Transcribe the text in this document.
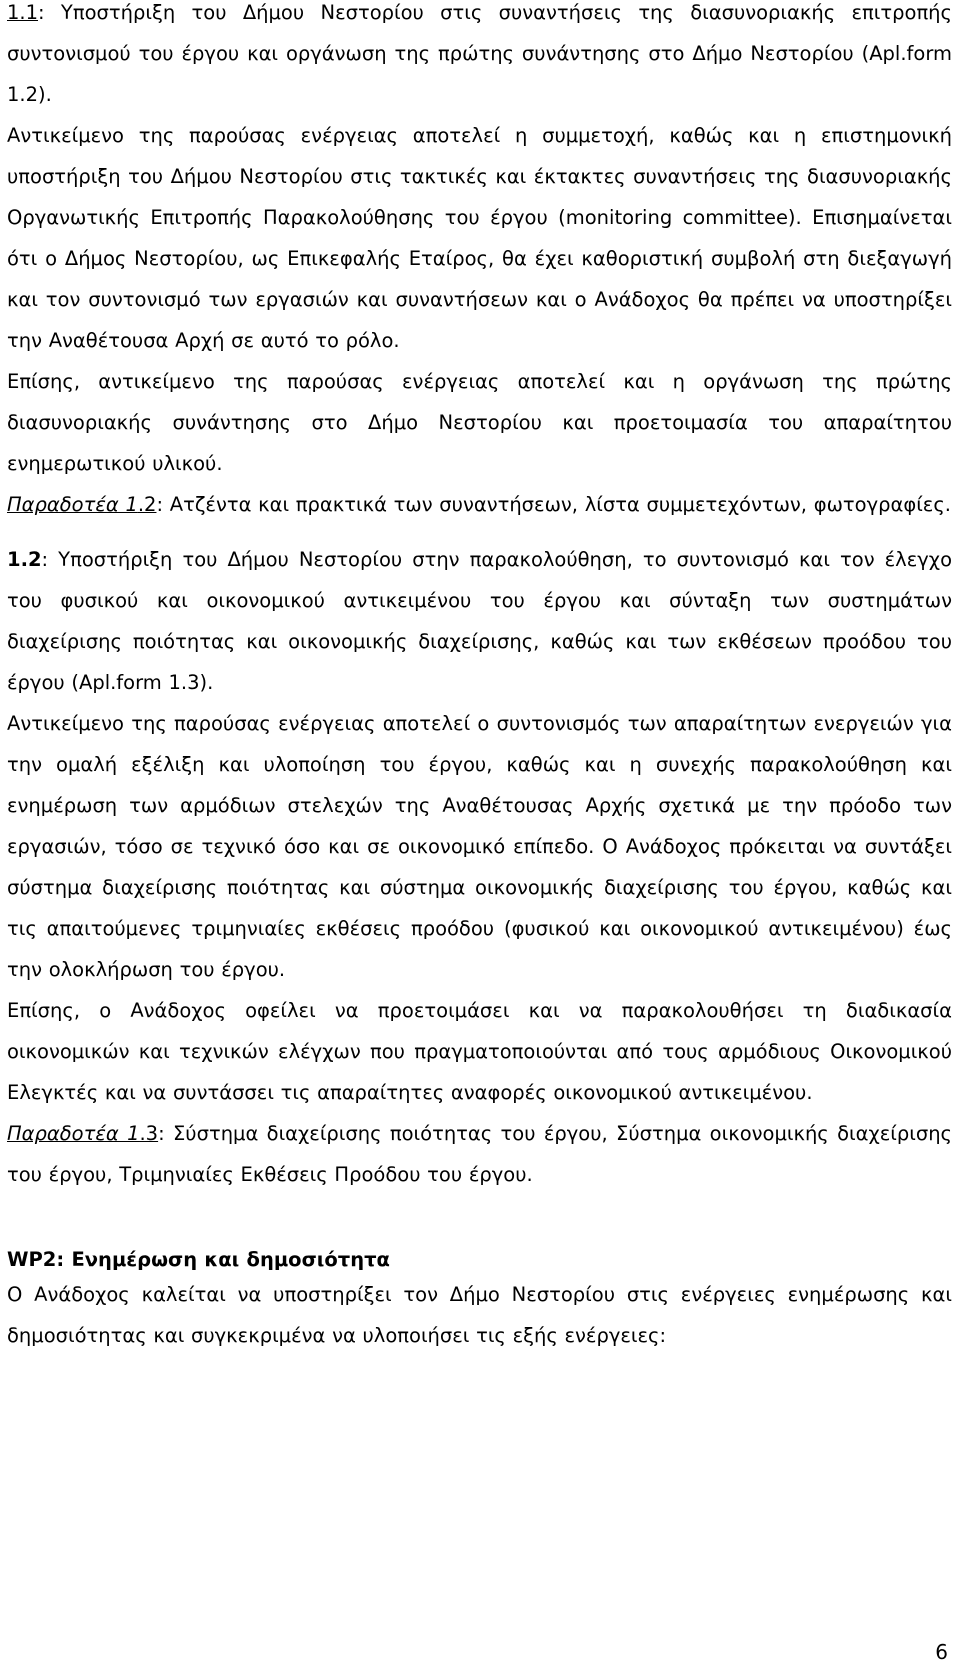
1.1: Υποστήριξη του Δήμου Νεστορίου στις συναντήσεις της διασυνοριακής επιτροπής συντονισμού του έργου και οργάνωση της πρώτης συνάντησης στο Δήμο Νεστορίου (Apl.form 1.2).

Αντικείμενο της παρούσας ενέργειας αποτελεί η συμμετοχή, καθώς και η επιστημονική υποστήριξη του Δήμου Νεστορίου στις τακτικές και έκτακτες συναντήσεις της διασυνοριακής Οργανωτικής Επιτροπής Παρακολούθησης του έργου (monitoring committee). Επισημαίνεται ότι ο Δήμος Νεστορίου, ως Επικεφαλής Εταίρος, θα έχει καθοριστική συμβολή στη διεξαγωγή και τον συντονισμό των εργασιών και συναντήσεων και ο Ανάδοχος θα πρέπει να υποστηρίξει την Αναθέτουσα Αρχή σε αυτό το ρόλο.

Επίσης, αντικείμενο της παρούσας ενέργειας αποτελεί και η οργάνωση της πρώτης διασυνοριακής συνάντησης στο Δήμο Νεστορίου και προετοιμασία του απαραίτητου ενημερωτικού υλικού.

Παραδοτέα 1.2: Ατζέντα και πρακτικά των συναντήσεων, λίστα συμμετεχόντων, φωτογραφίες.

1.2: Υποστήριξη του Δήμου Νεστορίου στην παρακολούθηση, το συντονισμό και τον έλεγχο του φυσικού και οικονομικού αντικειμένου του έργου και σύνταξη των συστημάτων διαχείρισης ποιότητας και οικονομικής διαχείρισης, καθώς και των εκθέσεων προόδου του έργου (Apl.form 1.3).

Αντικείμενο της παρούσας ενέργειας αποτελεί ο συντονισμός των απαραίτητων ενεργειών για την ομαλή εξέλιξη και υλοποίηση του έργου, καθώς και η συνεχής παρακολούθηση και ενημέρωση των αρμόδιων στελεχών της Αναθέτουσας Αρχής σχετικά με την πρόοδο των εργασιών, τόσο σε τεχνικό όσο και σε οικονομικό επίπεδο. Ο Ανάδοχος πρόκειται να συντάξει σύστημα διαχείρισης ποιότητας και σύστημα οικονομικής διαχείρισης του έργου, καθώς και τις απαιτούμενες τριμηνιαίες εκθέσεις προόδου (φυσικού και οικονομικού αντικειμένου) έως την ολοκλήρωση του έργου.

Επίσης, ο Ανάδοχος οφείλει να προετοιμάσει και να παρακολουθήσει τη διαδικασία οικονομικών και τεχνικών ελέγχων που πραγματοποιούνται από τους αρμόδιους Οικονομικού Ελεγκτές και να συντάσσει τις απαραίτητες αναφορές οικονομικού αντικειμένου.

Παραδοτέα 1.3: Σύστημα διαχείρισης ποιότητας του έργου, Σύστημα οικονομικής διαχείρισης του έργου, Τριμηνιαίες Εκθέσεις Προόδου του έργου.

WP2: Ενημέρωση και δημοσιότητα

Ο Ανάδοχος καλείται να υποστηρίξει τον Δήμο Νεστορίου στις ενέργειες ενημέρωσης και δημοσιότητας και συγκεκριμένα να υλοποιήσει τις εξής ενέργειες:

6
